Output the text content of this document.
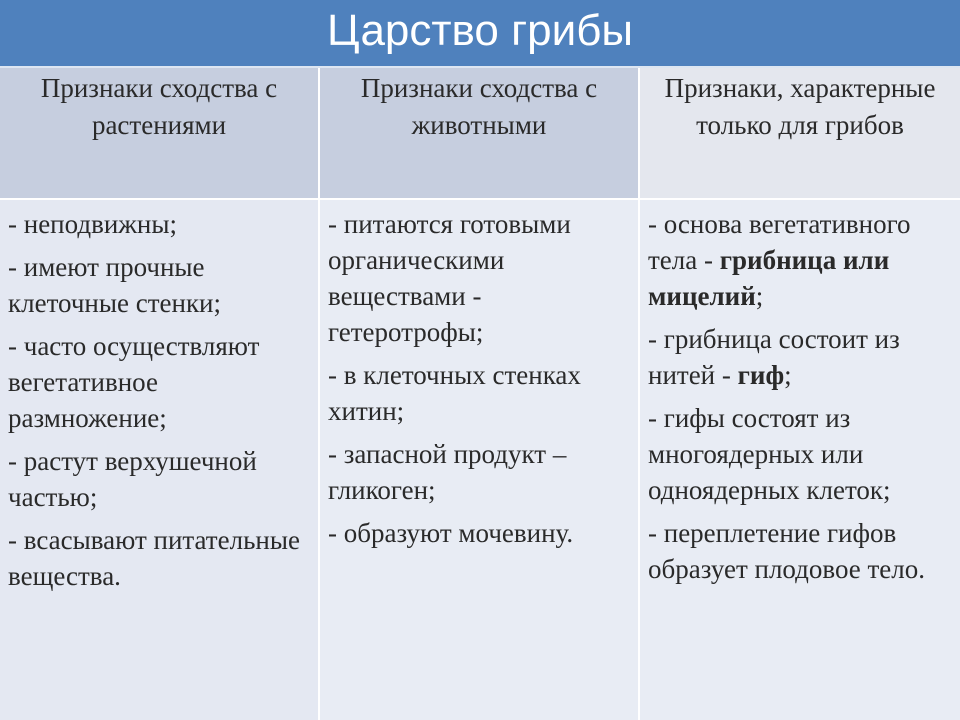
Царство грибы
Признаки сходства с растениями
Признаки сходства с животными
Признаки, характерные только для грибов
- неподвижны;
- имеют прочные клеточные стенки;
- часто осуществляют вегетативное размножение;
- растут верхушечной частью;
- всасывают питательные вещества.
- питаются готовыми органическими веществами - гетеротрофы;
- в клеточных стенках хитин;
- запасной продукт – гликоген;
- образуют мочевину.
- основа вегетативного тела - грибница или мицелий;
- грибница состоит из нитей - гиф;
- гифы состоят из многоядерных или одноядерных клеток;
- переплетение гифов образует плодовое тело.
